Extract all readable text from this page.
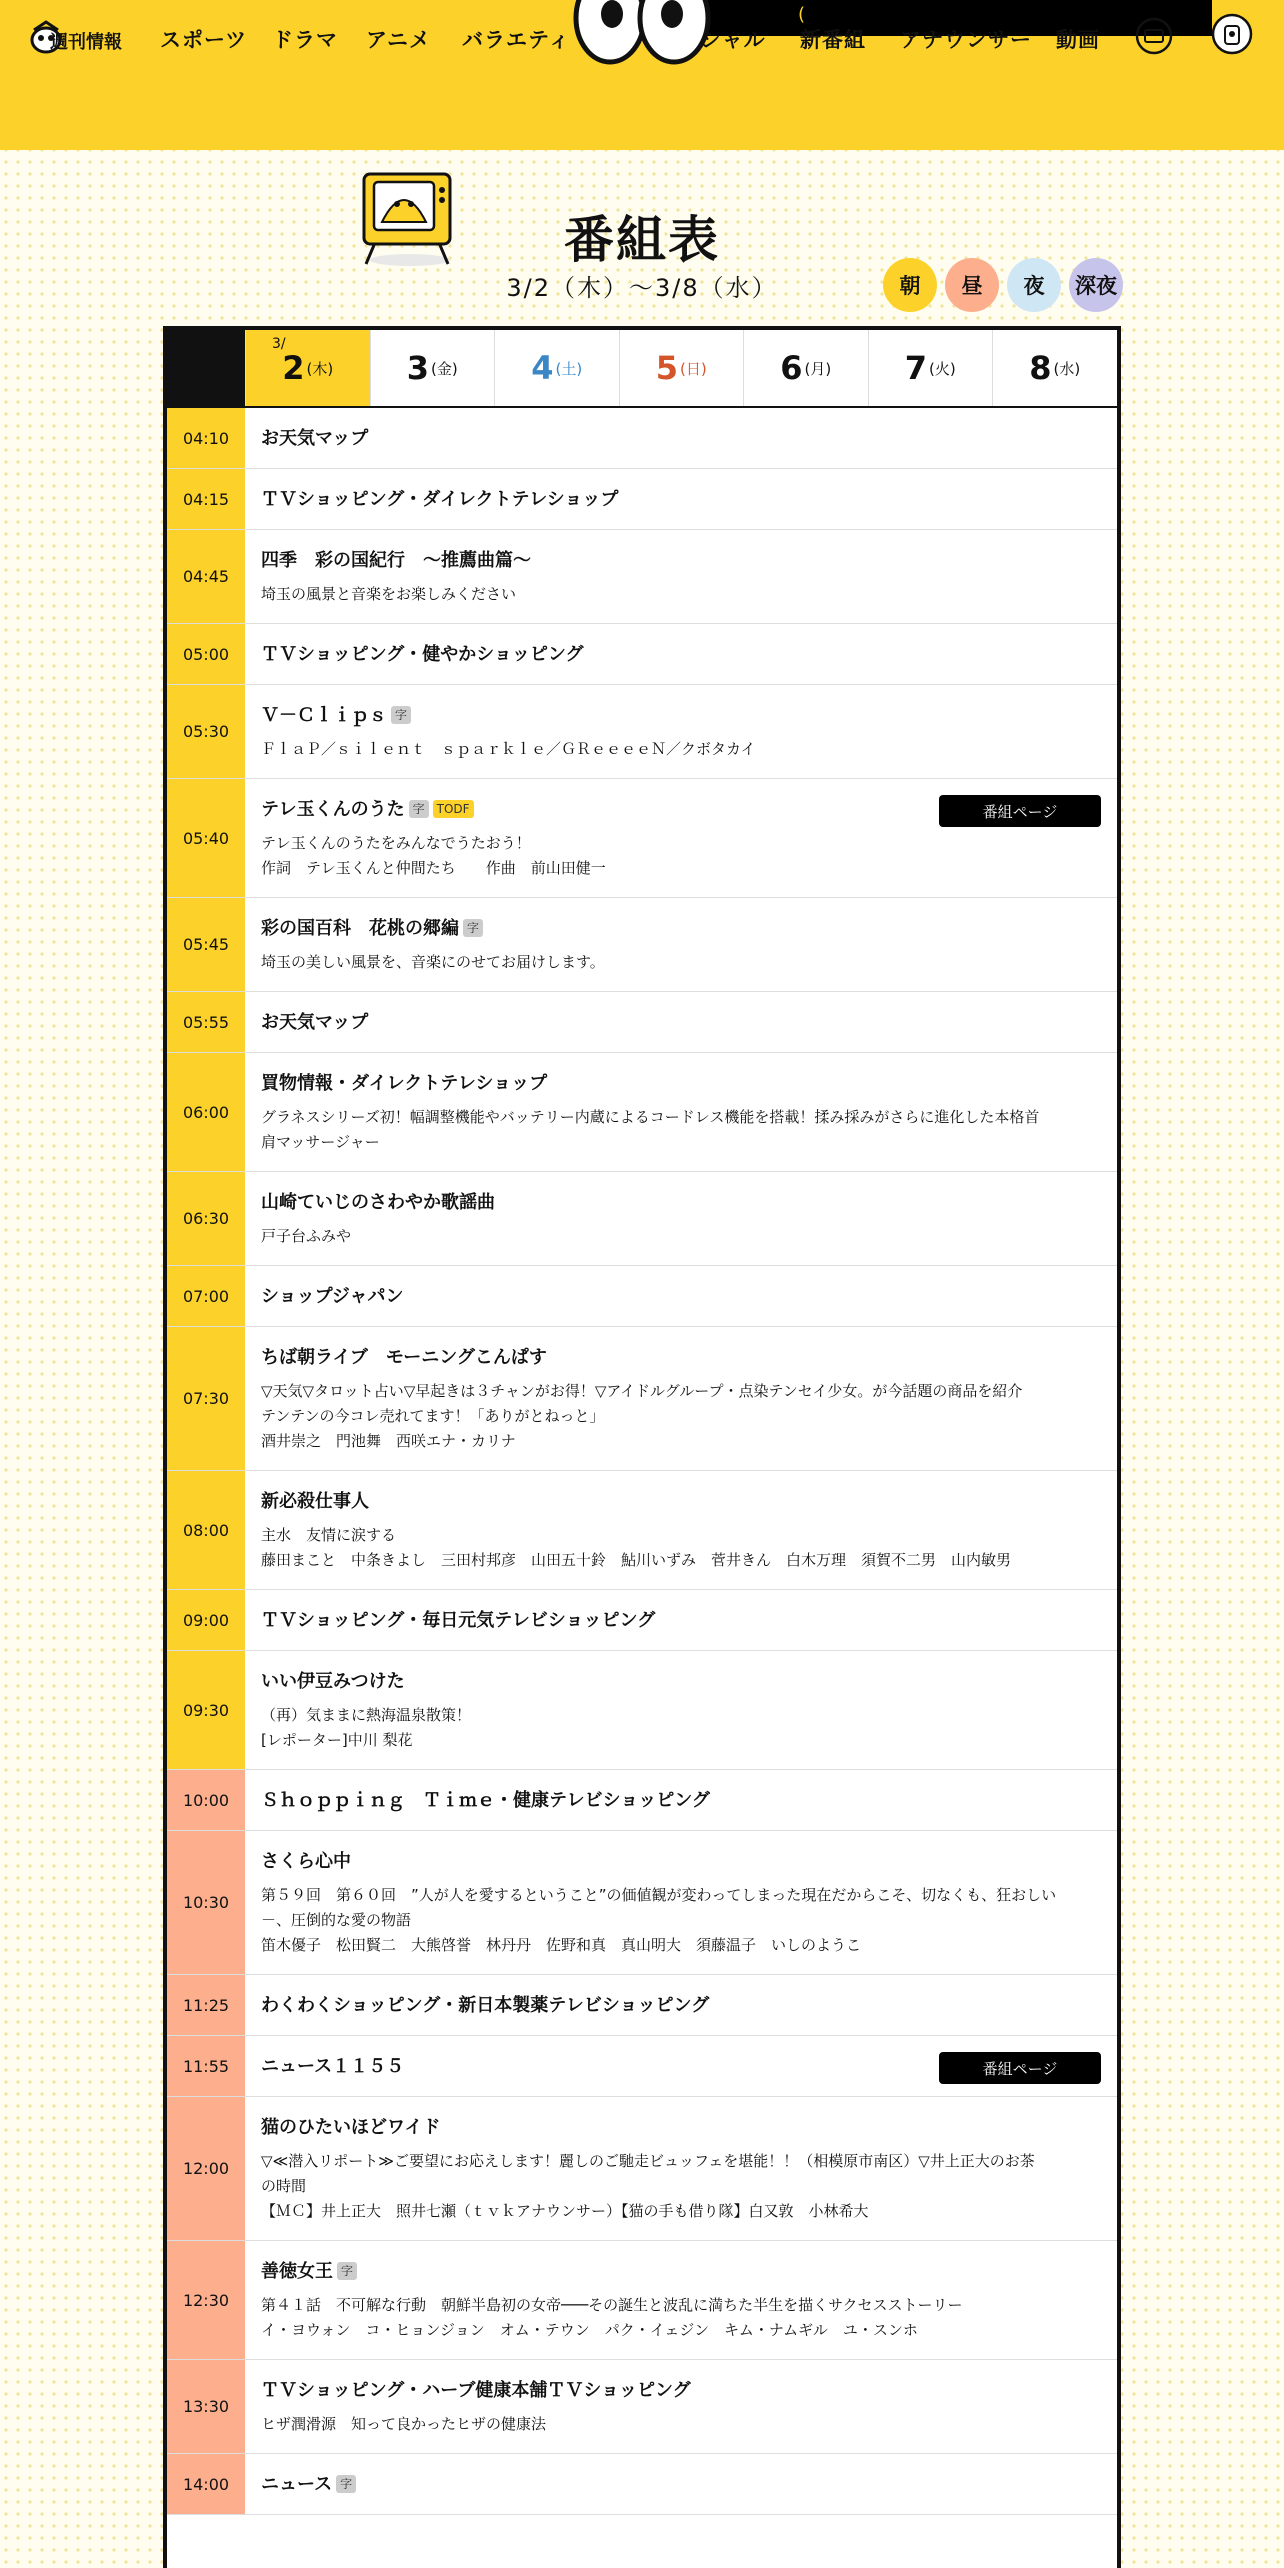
(
週刊情報 スポーツ ドラマ アニメ バラエティ	シャル 新番組 アナウンサー 動画
番組表
3/2（木）〜3/8（水）	朝	昼	夜	深夜
3/
2 (木) 3 (金) 4 (土) 5 (日) 6 (月) 7 (火) 8 (水)
04:10	お天気マップ
04:15	ＴＶショッピング・ダイレクトテレショップ
04:45
四季　彩の国紀行　～推薦曲篇～
埼玉の風景と音楽をお楽しみください
05:00	ＴＶショッピング・健やかショッピング
05:30
Ｖ－Ｃｌｉｐｓ 字
ＦｌａＰ／ｓｉｌｅｎｔ　ｓｐａｒｋｌｅ／ＧＲｅｅｅｅＮ／クボタカイ
05:40
テレ玉くんのうた 字 TODF
テレ玉くんのうたをみんなでうたおう！
作詞　テレ玉くんと仲間たち　　作曲　前山田健一
番組ページ
05:45
彩の国百科　花桃の郷編 字
埼玉の美しい風景を、音楽にのせてお届けします。
05:55	お天気マップ
06:00
買物情報・ダイレクトテレショップ
グラネスシリーズ初！幅調整機能やバッテリー内蔵によるコードレス機能を搭載！揉み採みがさらに進化した本格首
肩マッサージャー
06:30
山崎ていじのさわやか歌謡曲
戸子台ふみや
07:00	ショップジャパン
07:30
ちば朝ライブ　モーニングこんぱす
▽天気▽タロット占い▽早起きは３チャンがお得！▽アイドルグループ・点染テンセイ少女。が今話題の商品を紹介
テンテンの今コレ売れてます！「ありがとねっと」
酒井崇之　門池舞　西咲エナ・カリナ
08:00
新必殺仕事人
主水　友情に涙する
藤田まこと　中条きよし　三田村邦彦　山田五十鈴　鮎川いずみ　菅井きん　白木万理　須賀不二男　山内敏男
09:00	ＴＶショッピング・毎日元気テレビショッピング
09:30
いい伊豆みつけた
（再）気ままに熱海温泉散策！
[レポーター]中川 梨花
10:00	Ｓｈｏｐｐｉｎｇ　Ｔｉｍｅ・健康テレビショッピング
10:30
さくら心中
第５９回　第６０回　”人が人を愛するということ”の価値観が変わってしまった現在だからこそ、切なくも、狂おしい
－、圧倒的な愛の物語
笛木優子　松田賢二　大熊啓誉　林丹丹　佐野和真　真山明大　須藤温子　いしのようこ
11:25	わくわくショッピング・新日本製薬テレビショッピング
11:55	ニュース１１５５	番組ページ
12:00
猫のひたいほどワイド
▽≪潜入リポート≫ご要望にお応えします！麗しのご馳走ビュッフェを堪能！！（相模原市南区）▽井上正大のお茶
の時間
【ＭＣ】井上正大　照井七瀬（ｔｖｋアナウンサー）【猫の手も借り隊】白又敦　小林希大
12:30
善徳女王 字
第４１話　不可解な行動　朝鮮半島初の女帝───その誕生と波乱に満ちた半生を描くサクセスストーリー
イ・ヨウォン　コ・ヒョンジョン　オム・テウン　パク・イェジン　キム・ナムギル　ユ・スンホ
13:30
ＴＶショッピング・ハーブ健康本舗ＴＶショッピング
ヒザ潤滑源　知って良かったヒザの健康法
14:00	ニュース 字
